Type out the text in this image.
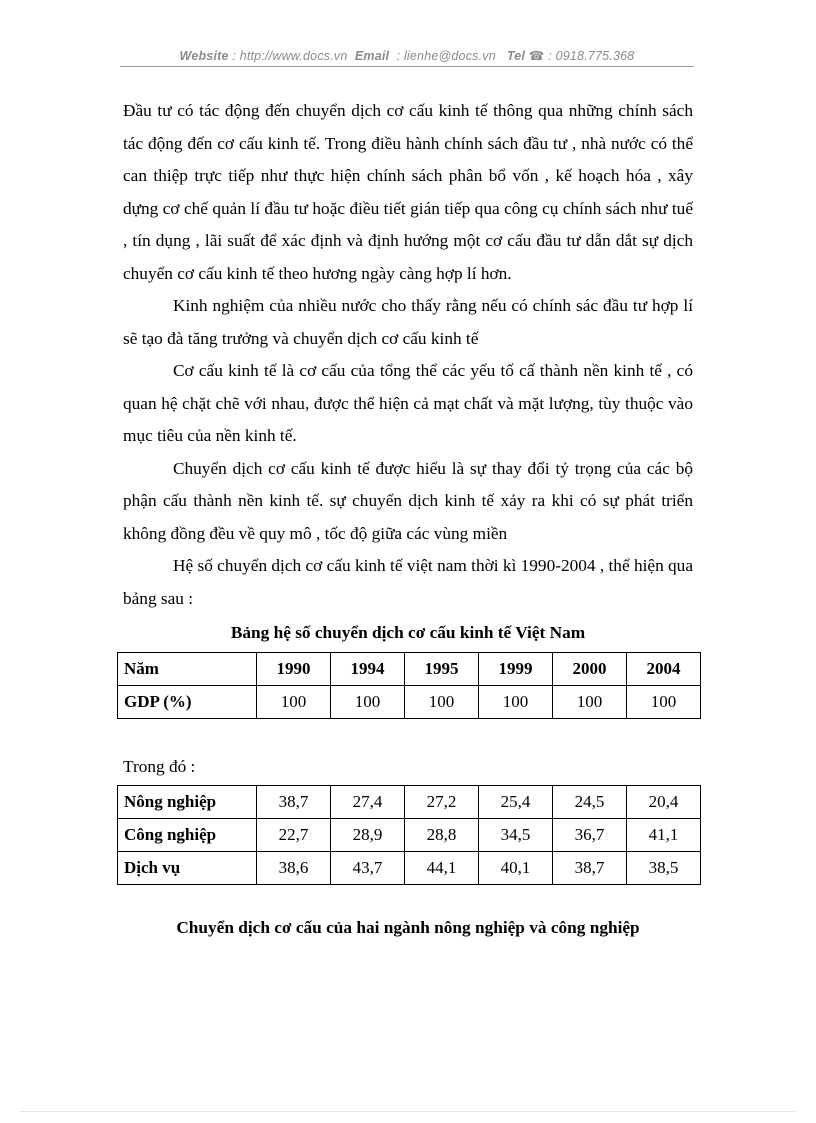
Website : http://www.docs.vn Email : lienhe@docs.vn Tel ☎ : 0918.775.368

Đầu tư có tác động đến chuyển dịch cơ cấu kinh tế thông qua những chính sách tác động đến cơ cấu kinh tế. Trong điều hành chính sách đầu tư , nhà nước có thể can thiệp trực tiếp như thực hiện chính sách phân bổ vốn , kế hoạch hóa , xây dựng cơ chế quản lí đầu tư hoặc điều tiết gián tiếp qua công cụ chính sách như tuế , tín dụng , lãi suất để xác định và định hướng một cơ cấu đầu tư dẫn dắt sự dịch chuyển cơ cấu kinh tế theo hương ngày càng hợp lí hơn.

Kinh nghiệm của nhiều nước cho thấy rằng nếu có chính sác đầu tư hợp lí sẽ tạo đà tăng trưởng và chuyển dịch cơ cấu kinh tế

Cơ cấu kinh tế là cơ cấu của tổng thể các yếu tố cấ thành nền kinh tế , có quan hệ chặt chẽ với nhau, được thể hiện cả mạt chất và mặt lượng, tùy thuộc vào mục tiêu của nền kinh tế.

Chuyển dịch cơ cấu kinh tế được hiểu là sự thay đổi tỷ trọng của các bộ phận cấu thành nền kinh tế. sự chuyển dịch kinh tế xảy ra khi có sự phát triển không đồng đều về quy mô , tốc độ giữa các vùng miền

Hệ số chuyển dịch cơ cấu kinh tế việt nam thời kì 1990-2004 , thể hiện qua bảng sau :

Bảng hệ số chuyển dịch cơ cấu kinh tế Việt Nam
Năm	1990	1994	1995	1999	2000	2004
GDP (%)	100	100	100	100	100	100
Trong đó :
Nông nghiệp	38,7	27,4	27,2	25,4	24,5	20,4
Công nghiệp	22,7	28,9	28,8	34,5	36,7	41,1
Dịch vụ	38,6	43,7	44,1	40,1	38,7	38,5
Chuyển dịch cơ cấu của hai ngành nông nghiệp và công nghiệp
